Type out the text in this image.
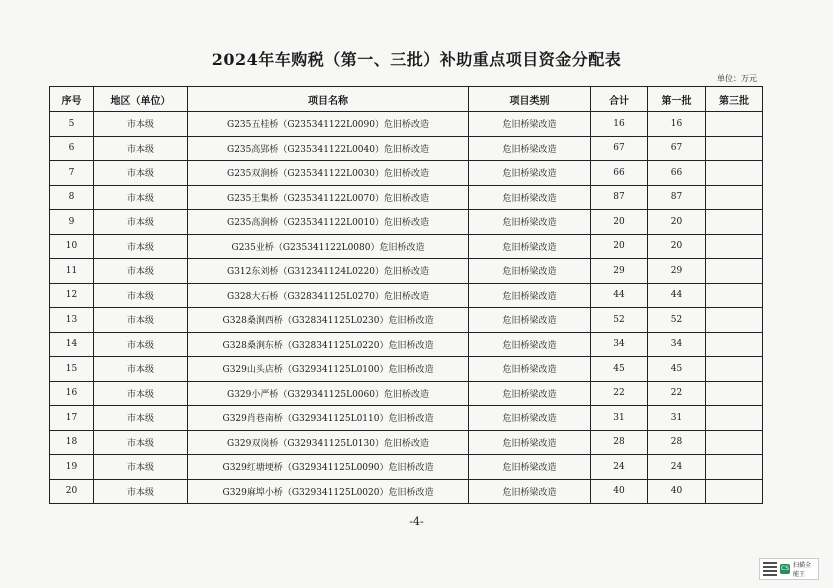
2024年车购税（第一、三批）补助重点项目资金分配表
单位：万元
序号	地区（单位）	项目名称	项目类别	合计	第一批	第三批
5	市本级	G235五桂桥（G235341122L0090）危旧桥改造	危旧桥梁改造	16	16	
6	市本级	G235高郢桥（G235341122L0040）危旧桥改造	危旧桥梁改造	67	67	
7	市本级	G235双涧桥（G235341122L0030）危旧桥改造	危旧桥梁改造	66	66	
8	市本级	G235王集桥（G235341122L0070）危旧桥改造	危旧桥梁改造	87	87	
9	市本级	G235高涧桥（G235341122L0010）危旧桥改造	危旧桥梁改造	20	20	
10	市本级	G235业桥（G235341122L0080）危旧桥改造	危旧桥梁改造	20	20	
11	市本级	G312东刘桥（G312341124L0220）危旧桥改造	危旧桥梁改造	29	29	
12	市本级	G328大石桥（G328341125L0270）危旧桥改造	危旧桥梁改造	44	44	
13	市本级	G328桑涧西桥（G328341125L0230）危旧桥改造	危旧桥梁改造	52	52	
14	市本级	G328桑涧东桥（G328341125L0220）危旧桥改造	危旧桥梁改造	34	34	
15	市本级	G329山头店桥（G329341125L0100）危旧桥改造	危旧桥梁改造	45	45	
16	市本级	G329小严桥（G329341125L0060）危旧桥改造	危旧桥梁改造	22	22	
17	市本级	G329肖巷南桥（G329341125L0110）危旧桥改造	危旧桥梁改造	31	31	
18	市本级	G329双岗桥（G329341125L0130）危旧桥改造	危旧桥梁改造	28	28	
19	市本级	G329红塘埂桥（G329341125L0090）危旧桥改造	危旧桥梁改造	24	24	
20	市本级	G329麻埠小桥（G329341125L0020）危旧桥改造	危旧桥梁改造	40	40	
-4-
CS 扫描全能王
